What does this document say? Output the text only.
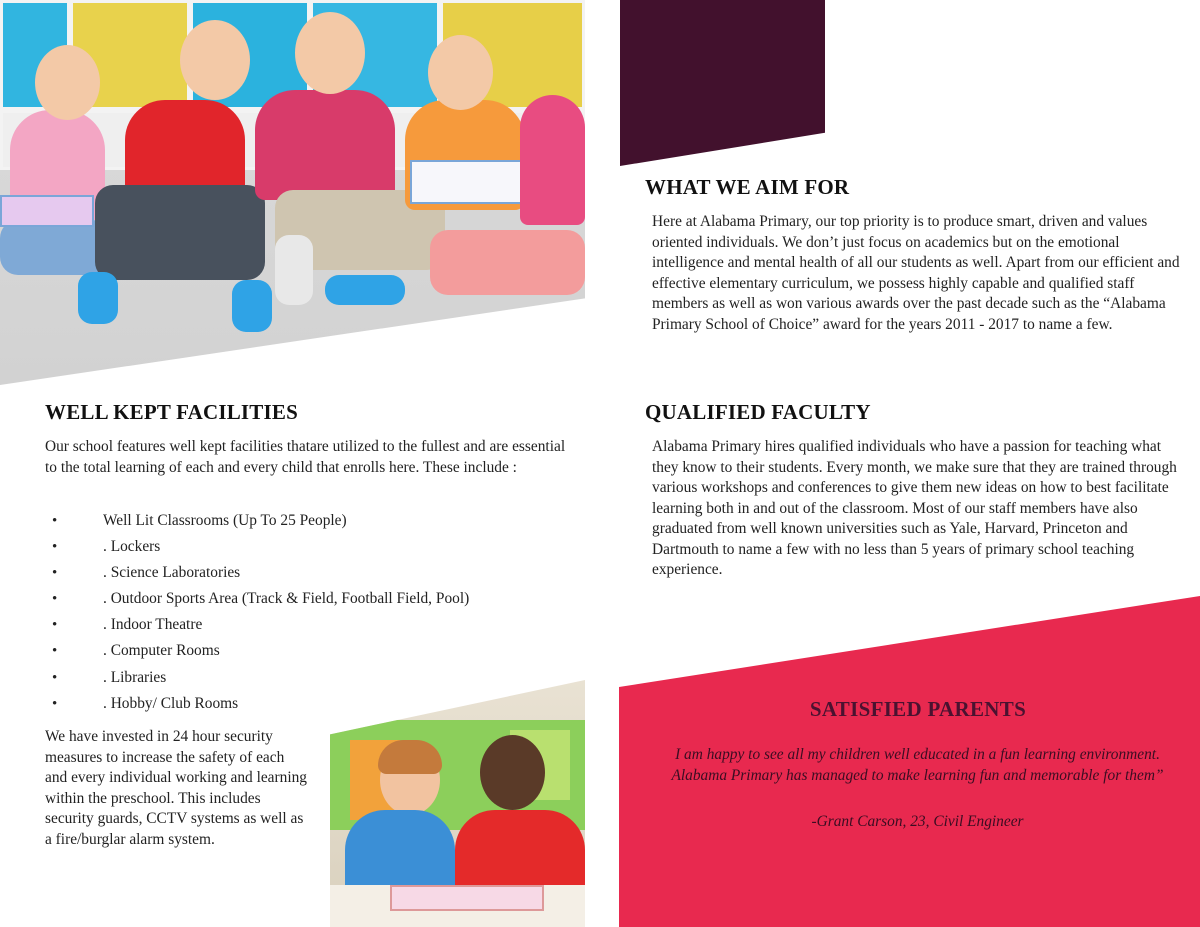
WHAT WE AIM FOR

Here at Alabama Primary, our top priority is to produce smart, driven and values oriented individuals. We don’t just focus on academics but on the emotional intelligence and mental health of all our students as well. Apart from our efficient and effective elementary curriculum, we possess highly capable and qualified staff members as well as won various awards over the past decade such as the “Alabama Primary School of Choice” award for the years 2011 - 2017 to name a few.

WELL KEPT FACILITIES

Our school features well kept facilities thatare utilized to the fullest and are essential to the total learning of each and every child that enrolls here. These include :

• Well Lit Classrooms (Up To 25 People)
• . Lockers
• . Science Laboratories
• . Outdoor Sports Area (Track & Field, Football Field, Pool)
• . Indoor Theatre
• . Computer Rooms
• . Libraries
• . Hobby/ Club Rooms

We have invested in 24 hour security measures to increase the safety of each and every individual working and learning within the preschool. This includes security guards, CCTV systems as well as a fire/burglar alarm system.

QUALIFIED FACULTY

Alabama Primary hires qualified individuals who have a passion for teaching what they know to their students. Every month, we make sure that they are trained through various workshops and conferences to give them new ideas on how to best facilitate learning both in and out of the classroom. Most of our staff members have also graduated from well known universities such as Yale, Harvard, Princeton and Dartmouth to name a few with no less than 5 years of primary school teaching experience.

SATISFIED PARENTS
I am happy to see all my children well educated in a fun learning environment. Alabama Primary has managed to make learning fun and memorable for them”
-Grant Carson, 23, Civil Engineer
